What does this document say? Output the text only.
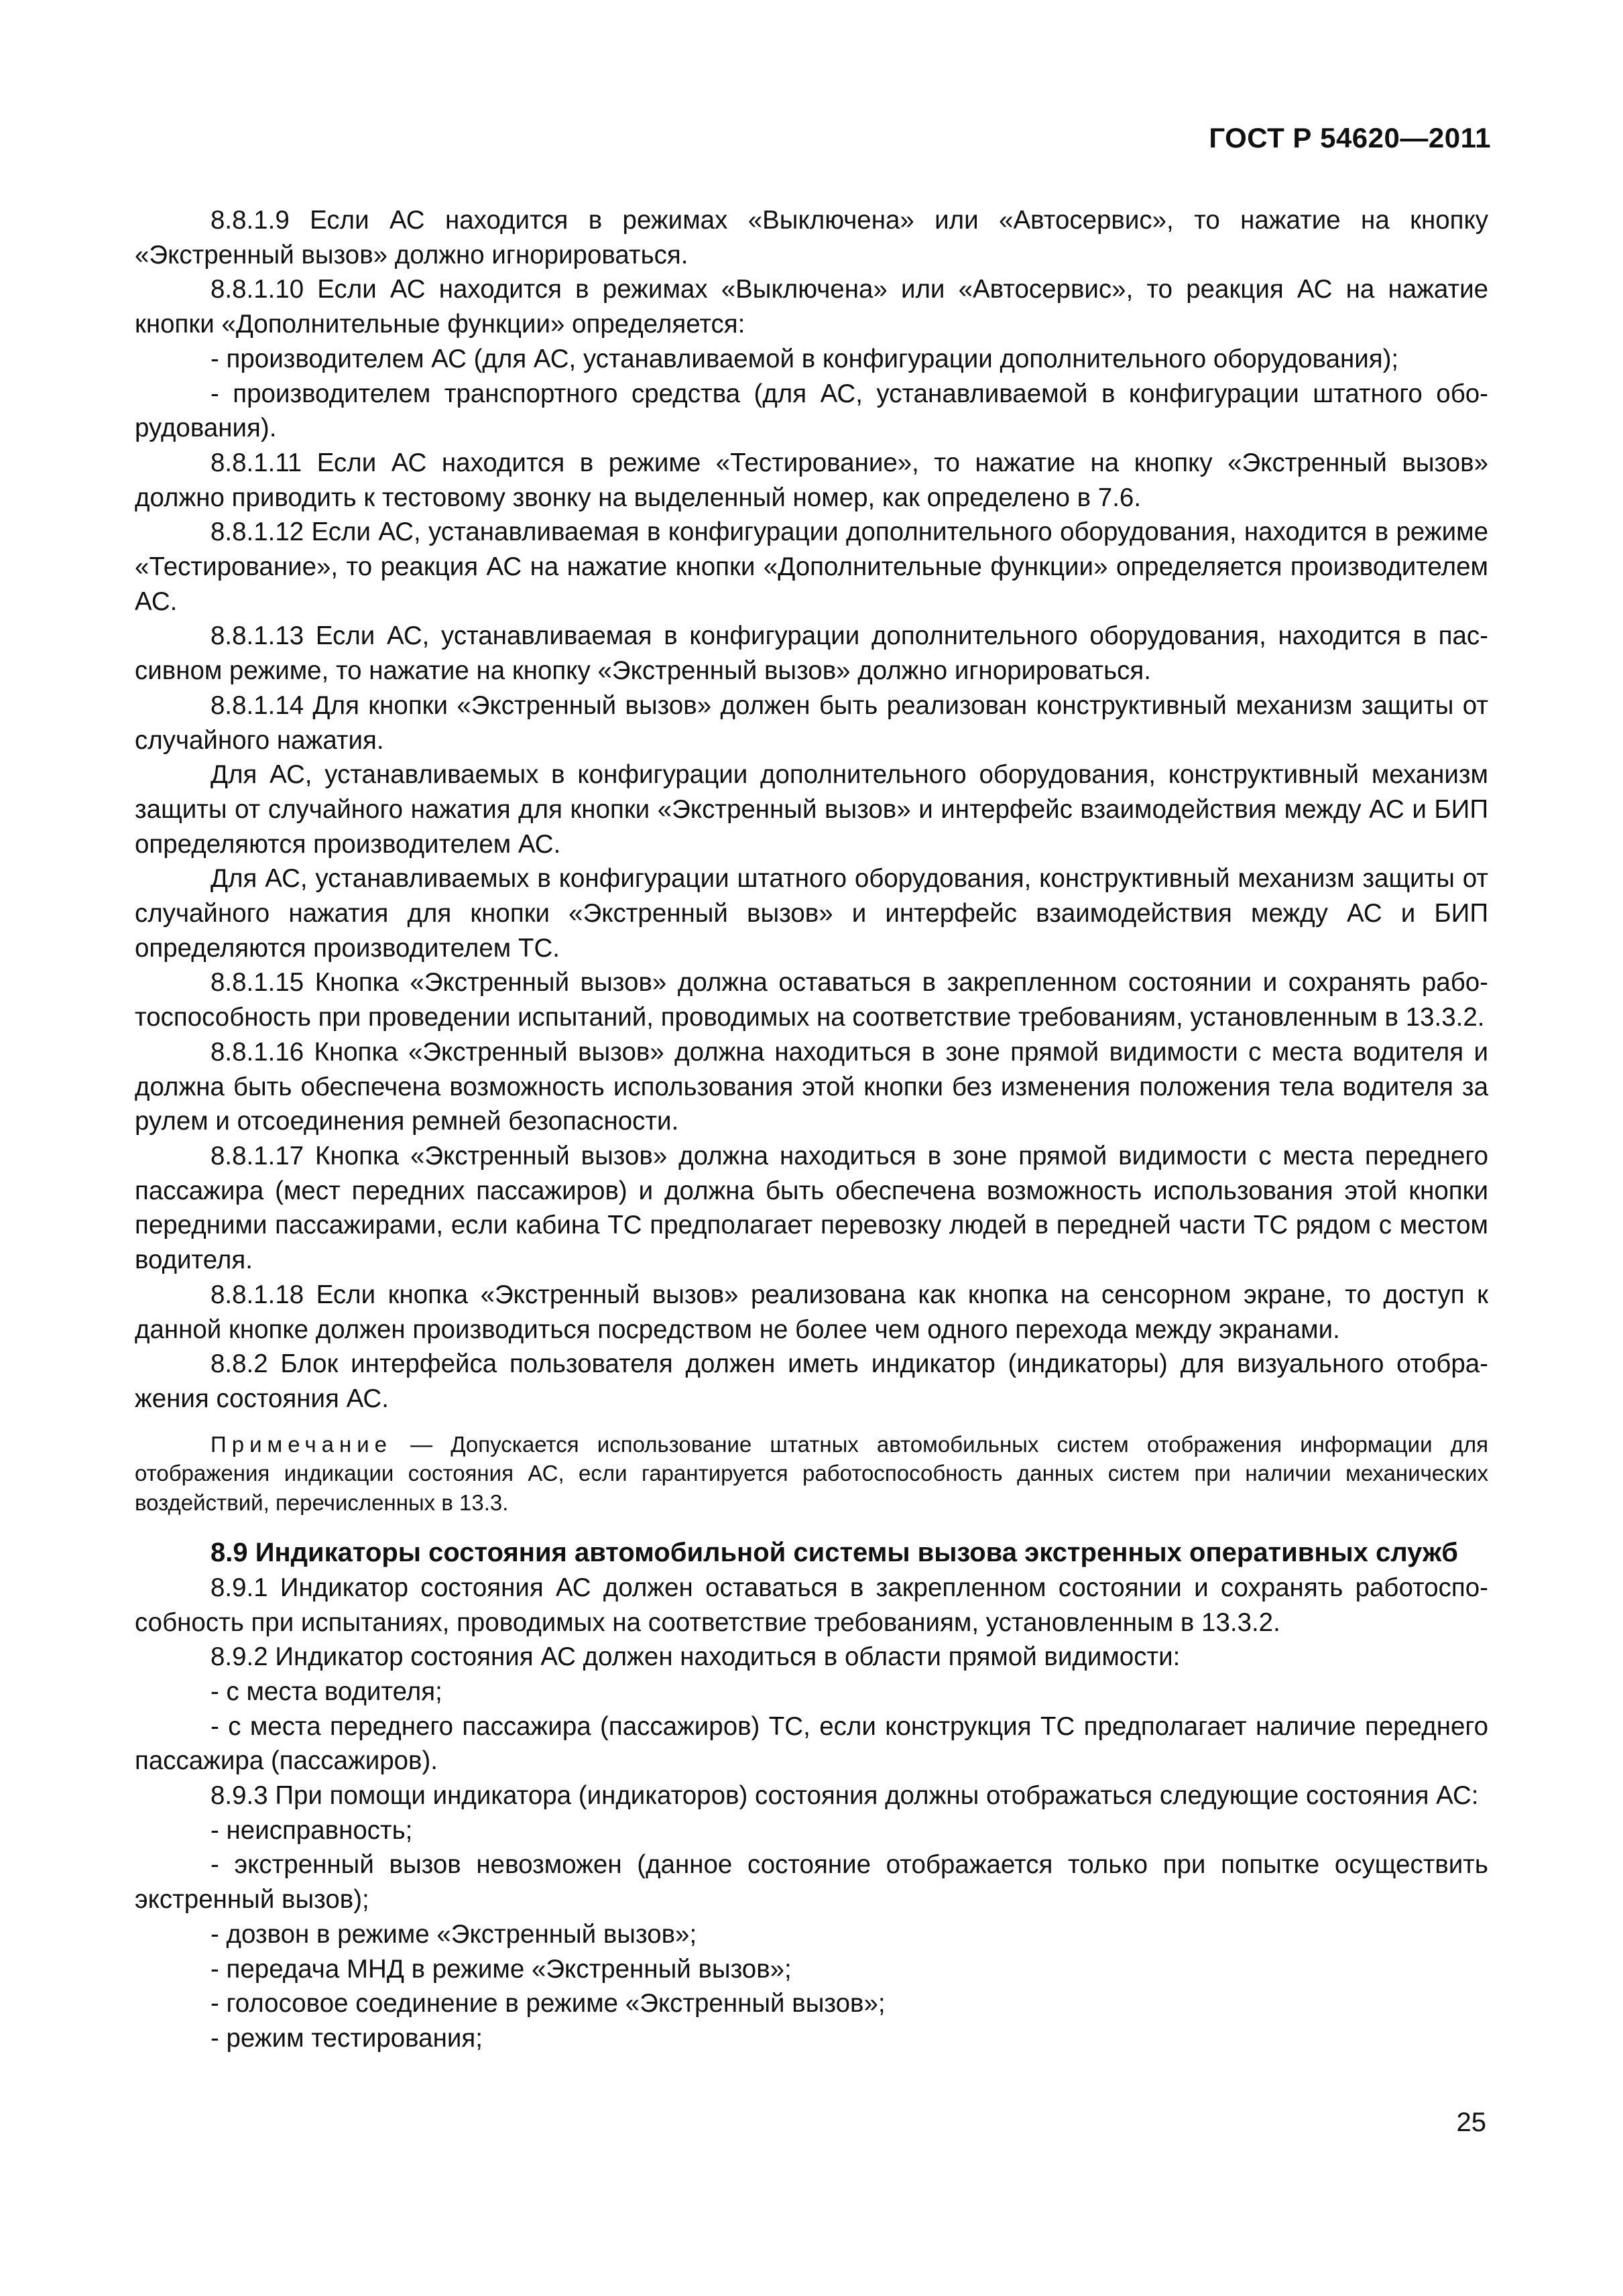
ГОСТ Р 54620—2011

8.8.1.9 Если АС находится в режимах «Выключена» или «Автосервис», то нажатие на кнопку «Экстренный вызов» должно игнорироваться.

8.8.1.10 Если АС находится в режимах «Выключена» или «Автосервис», то реакция АС на нажатие кнопки «Дополнительные функции» определяется:

- производителем АС (для АС, устанавливаемой в конфигурации дополнительного оборудования);

- производителем транспортного средства (для АС, устанавливаемой в конфигурации штатного оборудования).

8.8.1.11 Если АС находится в режиме «Тестирование», то нажатие на кнопку «Экстренный вызов» должно приводить к тестовому звонку на выделенный номер, как определено в 7.6.

8.8.1.12 Если АС, устанавливаемая в конфигурации дополнительного оборудования, находится в режиме «Тестирование», то реакция АС на нажатие кнопки «Дополнительные функции» определяется производителем АС.

8.8.1.13 Если АС, устанавливаемая в конфигурации дополнительного оборудования, находится в пассивном режиме, то нажатие на кнопку «Экстренный вызов» должно игнорироваться.

8.8.1.14 Для кнопки «Экстренный вызов» должен быть реализован конструктивный механизм защиты от случайного нажатия.

Для АС, устанавливаемых в конфигурации дополнительного оборудования, конструктивный механизм защиты от случайного нажатия для кнопки «Экстренный вызов» и интерфейс взаимодействия между АС и БИП определяются производителем АС.

Для АС, устанавливаемых в конфигурации штатного оборудования, конструктивный механизм защиты от случайного нажатия для кнопки «Экстренный вызов» и интерфейс взаимодействия между АС и БИП определяются производителем ТС.

8.8.1.15 Кнопка «Экстренный вызов» должна оставаться в закрепленном состоянии и сохранять работоспособность при проведении испытаний, проводимых на соответствие требованиям, установленным в 13.3.2.

8.8.1.16 Кнопка «Экстренный вызов» должна находиться в зоне прямой видимости с места водителя и должна быть обеспечена возможность использования этой кнопки без изменения положения тела водителя за рулем и отсоединения ремней безопасности.

8.8.1.17 Кнопка «Экстренный вызов» должна находиться в зоне прямой видимости с места переднего пассажира (мест передних пассажиров) и должна быть обеспечена возможность использования этой кнопки передними пассажирами, если кабина ТС предполагает перевозку людей в передней части ТС рядом с местом водителя.

8.8.1.18 Если кнопка «Экстренный вызов» реализована как кнопка на сенсорном экране, то доступ к данной кнопке должен производиться посредством не более чем одного перехода между экранами.

8.8.2 Блок интерфейса пользователя должен иметь индикатор (индикаторы) для визуального отображения состояния АС.

Примечание — Допускается использование штатных автомобильных систем отображения информации для отображения индикации состояния АС, если гарантируется работоспособность данных систем при наличии механических воздействий, перечисленных в 13.3.

8.9 Индикаторы состояния автомобильной системы вызова экстренных оперативных служб

8.9.1 Индикатор состояния АС должен оставаться в закрепленном состоянии и сохранять работоспособность при испытаниях, проводимых на соответствие требованиям, установленным в 13.3.2.

8.9.2 Индикатор состояния АС должен находиться в области прямой видимости:

- с места водителя;

- с места переднего пассажира (пассажиров) ТС, если конструкция ТС предполагает наличие переднего пассажира (пассажиров).

8.9.3 При помощи индикатора (индикаторов) состояния должны отображаться следующие состояния АС:

- неисправность;

- экстренный вызов невозможен (данное состояние отображается только при попытке осуществить экстренный вызов);

- дозвон в режиме «Экстренный вызов»;

- передача МНД в режиме «Экстренный вызов»;

- голосовое соединение в режиме «Экстренный вызов»;

- режим тестирования;

25
